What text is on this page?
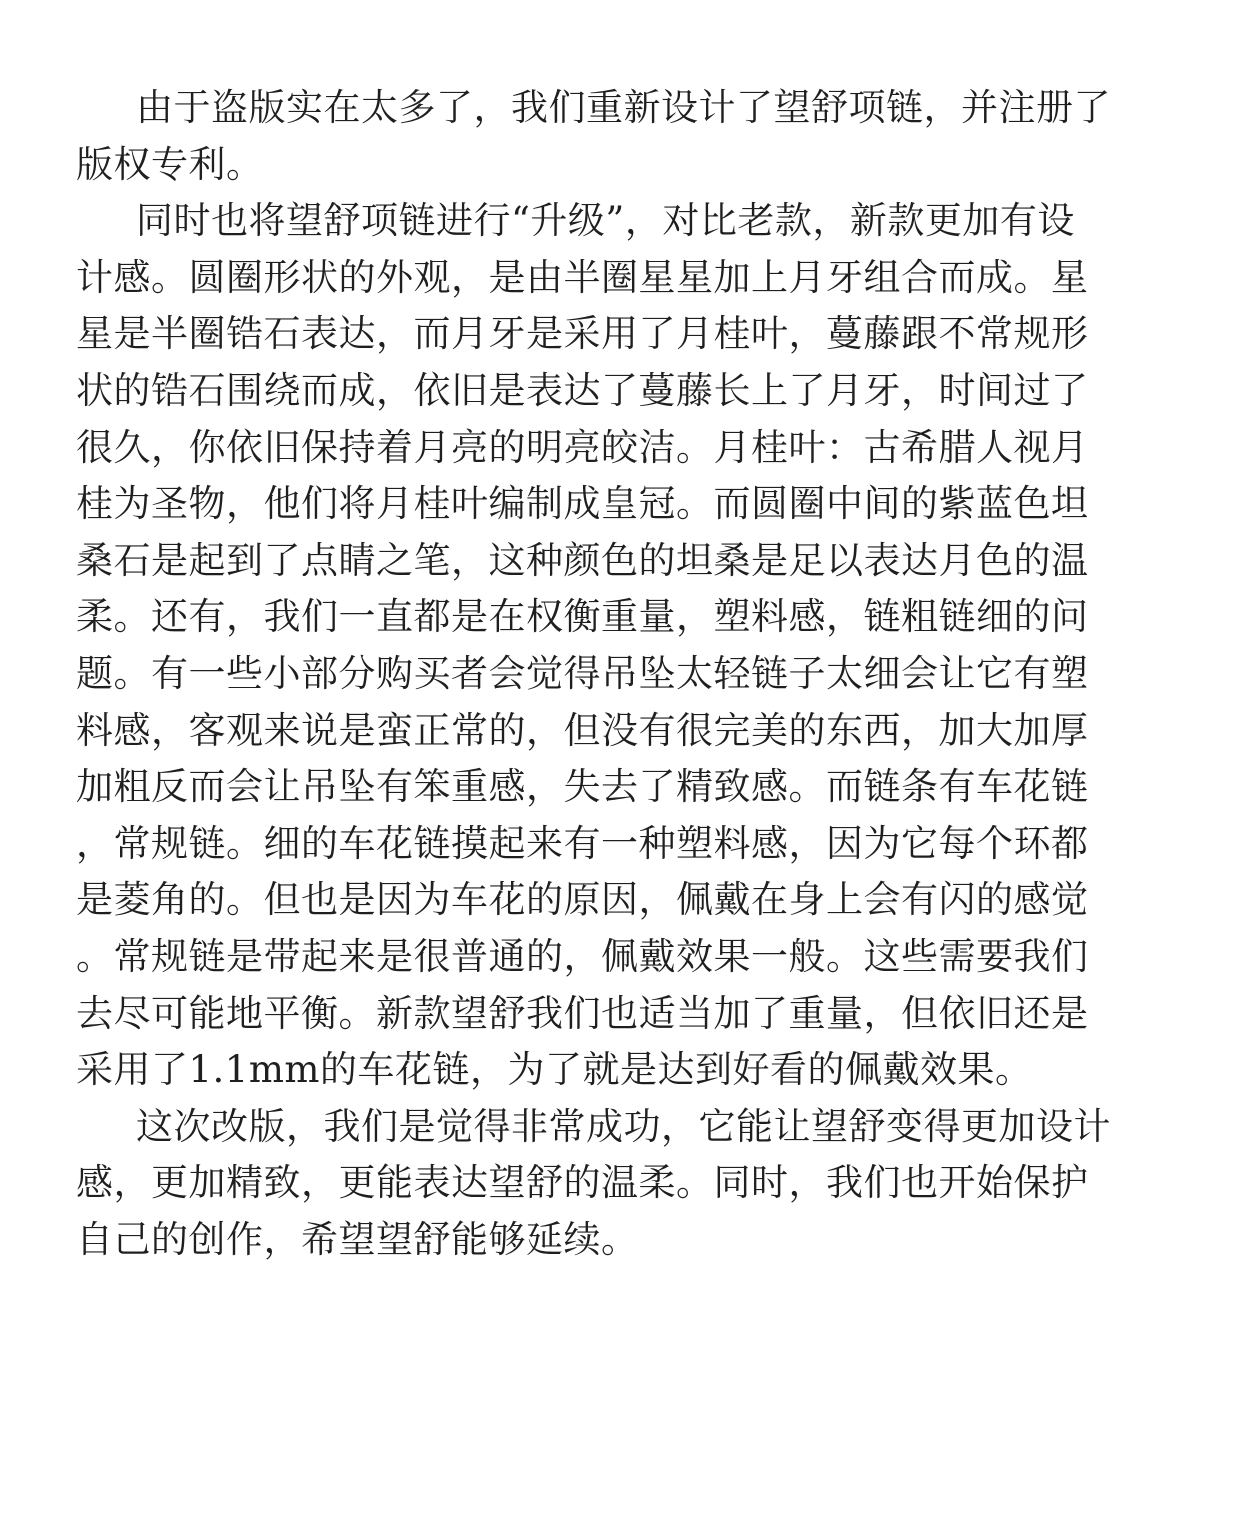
由于盗版实在太多了，我们重新设计了望舒项链，并注册了
版权专利。
同时也将望舒项链进行“升级”，对比老款，新款更加有设
计感。圆圈形状的外观，是由半圈星星加上月牙组合而成。星
星是半圈锆石表达，而月牙是采用了月桂叶，蔓藤跟不常规形
状的锆石围绕而成，依旧是表达了蔓藤长上了月牙，时间过了
很久，你依旧保持着月亮的明亮皎洁。月桂叶：古希腊人视月
桂为圣物，他们将月桂叶编制成皇冠。而圆圈中间的紫蓝色坦
桑石是起到了点睛之笔，这种颜色的坦桑是足以表达月色的温
柔。还有，我们一直都是在权衡重量，塑料感，链粗链细的问
题。有一些小部分购买者会觉得吊坠太轻链子太细会让它有塑
料感，客观来说是蛮正常的，但没有很完美的东西，加大加厚
加粗反而会让吊坠有笨重感，失去了精致感。而链条有车花链
，常规链。细的车花链摸起来有一种塑料感，因为它每个环都
是菱角的。但也是因为车花的原因，佩戴在身上会有闪的感觉
。常规链是带起来是很普通的，佩戴效果一般。这些需要我们
去尽可能地平衡。新款望舒我们也适当加了重量，但依旧还是
采用了1.1mm的车花链，为了就是达到好看的佩戴效果。
这次改版，我们是觉得非常成功，它能让望舒变得更加设计
感，更加精致，更能表达望舒的温柔。同时，我们也开始保护
自己的创作，希望望舒能够延续。
